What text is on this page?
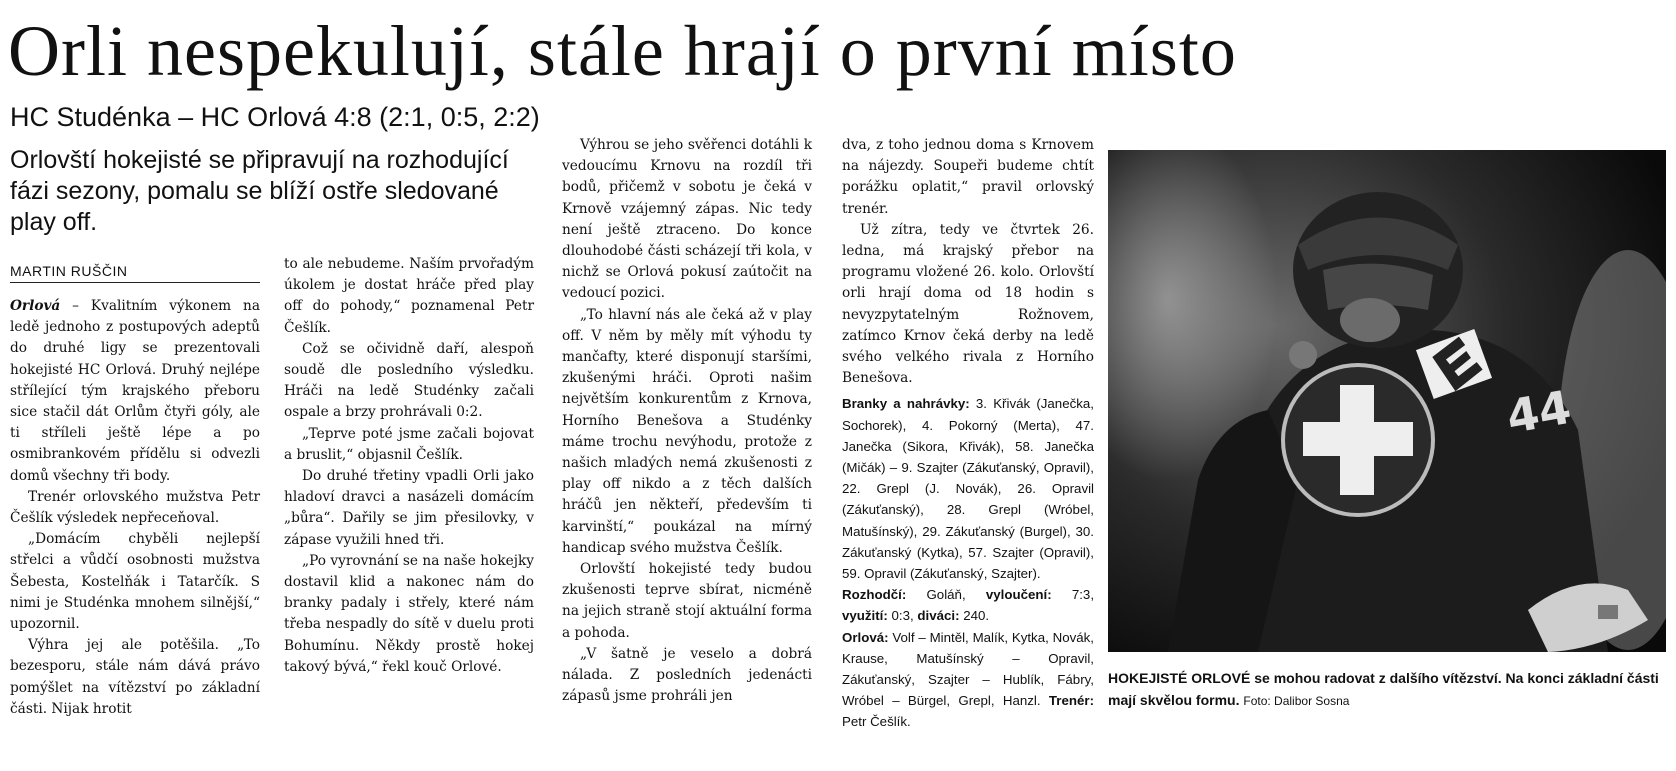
Orli nespekulují, stále hrají o první místo
HC Studénka – HC Orlová 4:8 (2:1, 0:5, 2:2)
Orlovští hokejisté se připravují na rozhodující fázi sezony, pomalu se blíží ostře sledované play off.
MARTIN RUŠČIN

Orlová – Kvalitním výkonem na ledě jednoho z postupových adeptů do druhé ligy se prezentovali hokejisté HC Orlová. Druhý nejlépe střílející tým krajského přeboru sice stačil dát Orlům čtyři góly, ale ti stříleli ještě lépe a po osmibrankovém přídělu si odvezli domů všechny tři body.

Trenér orlovského mužstva Petr Češlík výsledek nepřeceňoval.

„Domácím chyběli nejlepší střelci a vůdčí osobnosti mužstva Šebesta, Kostelňák i Tatarčík. S nimi je Studénka mnohem silnější,“ upozornil.

Výhra jej ale potěšila. „To bezesporu, stále nám dává právo pomýšlet na vítězství po základní části. Nijak hrotit

to ale nebudeme. Naším prvořadým úkolem je dostat hráče před play off do pohody,“ poznamenal Petr Češlík.

Což se očividně daří, alespoň soudě dle posledního výsledku. Hráči na ledě Studénky začali ospale a brzy prohrávali 0:2.

„Teprve poté jsme začali bojovat a bruslit,“ objasnil Češlík.

Do druhé třetiny vpadli Orli jako hladoví dravci a nasázeli domácím „bůra“. Dařily se jim přesilovky, v zápase využili hned tři.

„Po vyrovnání se na naše hokejky dostavil klid a nakonec nám do branky padaly i střely, které nám třeba nespadly do sítě v duelu proti Bohumínu. Někdy prostě hokej takový bývá,“ řekl kouč Orlové.

Výhrou se jeho svěřenci dotáhli k vedoucímu Krnovu na rozdíl tři bodů, přičemž v sobotu je čeká v Krnově vzájemný zápas. Nic tedy není ještě ztraceno. Do konce dlouhodobé části scházejí tři kola, v nichž se Orlová pokusí zaútočit na vedoucí pozici.

„To hlavní nás ale čeká až v play off. V něm by měly mít výhodu ty mančafty, které disponují staršími, zkušenými hráči. Oproti našim největším konkurentům z Krnova, Horního Benešova a Studénky máme trochu nevýhodu, protože z našich mladých nemá zkušenosti z play off nikdo a z těch dalších hráčů jen někteří, především ti karvinští,“ poukázal na mírný handicap svého mužstva Češlík.

Orlovští hokejisté tedy budou zkušenosti teprve sbírat, nicméně na jejich straně stojí aktuální forma a pohoda.

„V šatně je veselo a dobrá nálada. Z posledních jedenácti zápasů jsme prohráli jen

dva, z toho jednou doma s Krnovem na nájezdy. Soupeři budeme chtít porážku oplatit,“ pravil orlovský trenér.

Už zítra, tedy ve čtvrtek 26. ledna, má krajský přebor na programu vložené 26. kolo. Orlovští orli hrají doma od 18 hodin s nevyzpytatelným Rožnovem, zatímco Krnov čeká derby na ledě svého velkého rivala z Horního Benešova.

Branky a nahrávky: 3. Křivák (Janečka, Sochorek), 4. Pokorný (Merta), 47. Janečka (Sikora, Křivák), 58. Janečka (Mičák) – 9. Szajter (Zákuťanský, Opravil), 22. Grepl (J. Novák), 26. Opravil (Zákuťanský), 28. Grepl (Wróbel, Matušínský), 29. Zákuťanský (Burgel), 30. Zákuťanský (Kytka), 57. Szajter (Opravil), 59. Opravil (Zákuťanský, Szajter).
Rozhodčí: Goláň, vyloučení: 7:3, využití: 0:3, diváci: 240.
Orlová: Volf – Mintěl, Malík, Kytka, Novák, Krause, Matušínský – Opravil, Zákuťanský, Szajter – Hublík, Fábry, Wróbel – Bürgel, Grepl, Hanzl. Trenér: Petr Češlík.
44
HOKEJISTÉ ORLOVÉ se mohou radovat z dalšího vítězství. Na konci základní části mají skvělou formu. Foto: Dalibor Sosna
